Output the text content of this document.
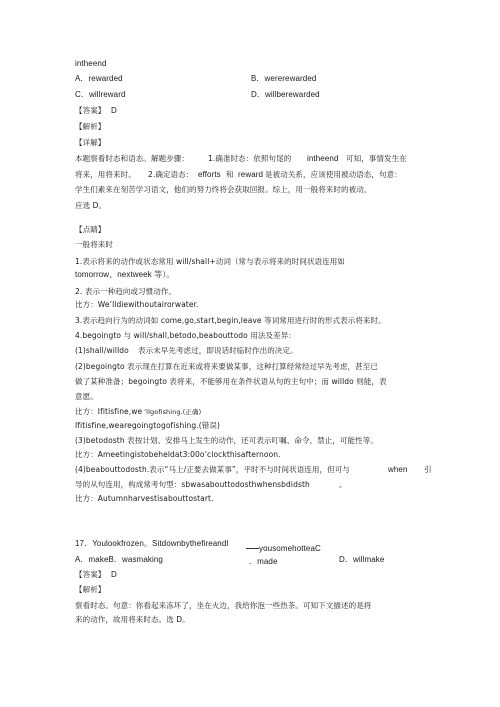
intheend
A．rewarded	B．wererewarded
C．willreward	D．willberewarded
【答案】 D
【解析】
【详解】
本题察看时态和语态。解题步骤：	1.确准时态：依照句尾的 intheend 可知，事情发生在
将来，用将来时。 2.确定语态： efforts 和 reward 是被动关系，应该使用被动语态，句意：
学生们素来在刻苦学习语文，他们的努力终将会获取回报。综上，用一般将来时的被动。
应选 D。
【点睛】
一般将来时
1.表示将来的动作或状态常用 will/shall+动词（常与表示将来的时间状语连用如
tomorrow、nextweek 等）。
2. 表示一种趋向或习惯动作。
比方：We’lldiewithoutairorwater.
3.表示趋向行为的动词如 come,go,start,begin,leave 等词常用进行时的形式表示将来时。
4.begoingto 与 will/shall,betodo,beabouttodo 用法及差异：
(1)shall/willdo 表示未早先考虑过，即说话时临时作出的决定。
(2)begoingto 表示现在打算在近来或将来要做某事，这种打算经常经过早先考虑，甚至已
做了某种准备；begoingto 表将来，不能够用在条件状语从句的主句中；而 willdo 则能，表
意愿。
比方：Ifitisfine,we ’llgofishing.(正确)
Ifitisfine,wearegoingtogofishing.(错误)
(3)betodosth 表按计划、安排马上发生的动作，还可表示叮嘱、命令、禁止，可能性等。
比方：Ameetingistobeheldat3:00o’clockthisafternoon.
(4)beabouttodosth.表示“马上/正要去做某事”，平时不与时间状语连用，但可与	when 引
导的从句连用，构成常考句型：sbwasabouttodosthwhensbdidsth	。
比方：Autumnharvestisabouttostart.
17．Youlookfrozen。Sitdownbythefireandl
yousomehotteaC
A．makeB．wasmaking	．made	D．willmake
【答案】 D
【解析】
察看时态。句意：你看起来冻坏了，坐在火边，我给你泡一些热茶。可知下文描述的是将
来的动作，故用将来时态。选 D。
